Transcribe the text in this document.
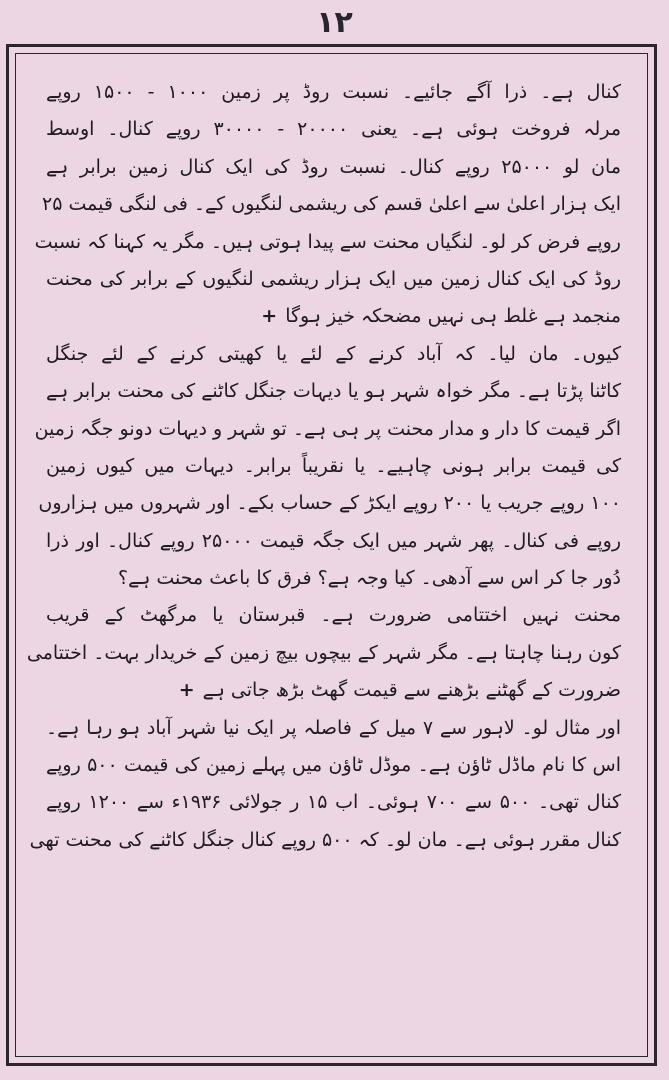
۱۲
کنال ہے۔ ذرا آگے جائیے۔ نسبت روڈ پر زمین ۱۰۰۰ - ۱۵۰۰ روپے
مرلہ فروخت ہوئی ہے۔ یعنی ۲۰۰۰۰ - ۳۰۰۰۰ روپے کنال۔ اوسط
مان لو ۲۵۰۰۰ روپے کنال۔ نسبت روڈ کی ایک کنال زمین برابر ہے
ایک ہزار اعلیٰ سے اعلیٰ قسم کی ریشمی لنگیوں کے۔ فی لنگی قیمت ۲۵
روپے فرض کر لو۔ لنگیاں محنت سے پیدا ہوتی ہیں۔ مگر یہ کہنا کہ نسبت
روڈ کی ایک کنال زمین میں ایک ہزار ریشمی لنگیوں کے برابر کی محنت
منجمد ہے غلط ہی نہیں مضحکہ خیز ہوگا+
کیوں۔ مان لیا۔ کہ آباد کرنے کے لئے یا کھیتی کرنے کے لئے جنگل
کاٹنا پڑتا ہے۔ مگر خواہ شہر ہو یا دیہات جنگل کاٹنے کی محنت برابر ہے
اگر قیمت کا دار و مدار محنت پر ہی ہے۔ تو شہر و دیہات دونو جگہ زمین
کی قیمت برابر ہونی چاہیے۔ یا نقریباً برابر۔ دیہات میں کیوں زمین
۱۰۰ روپے جریب یا ۲۰۰ روپے ایکڑ کے حساب بکے۔ اور شہروں میں ہزاروں
روپے فی کنال۔ پھر شہر میں ایک جگہ قیمت ۲۵۰۰۰ روپے کنال۔ اور ذرا
دُور جا کر اس سے آدھی۔ کیا وجہ ہے؟ فرق کا باعث محنت ہے؟
محنت نہیں اختتامی ضرورت ہے۔ قبرستان یا مرگھٹ کے قریب
کون رہنا چاہتا ہے۔ مگر شہر کے بیچوں بیچ زمین کے خریدار بہت۔ اختتامی
ضرورت کے گھٹنے بڑھنے سے قیمت گھٹ بڑھ جاتی ہے+
اور مثال لو۔ لاہور سے ۷ میل کے فاصلہ پر ایک نیا شہر آباد ہو رہا ہے۔
اس کا نام ماڈل ٹاؤن ہے۔ موڈل ٹاؤن میں پہلے زمین کی قیمت ۵۰۰ روپے
کنال تھی۔ ۵۰۰ سے ۷۰۰ ہوئی۔ اب ۱۵ ر جولائی ۱۹۳۶ء سے ۱۲۰۰ روپے
کنال مقرر ہوئی ہے۔ مان لو۔ کہ ۵۰۰ روپے کنال جنگل کاٹنے کی محنت تھی
